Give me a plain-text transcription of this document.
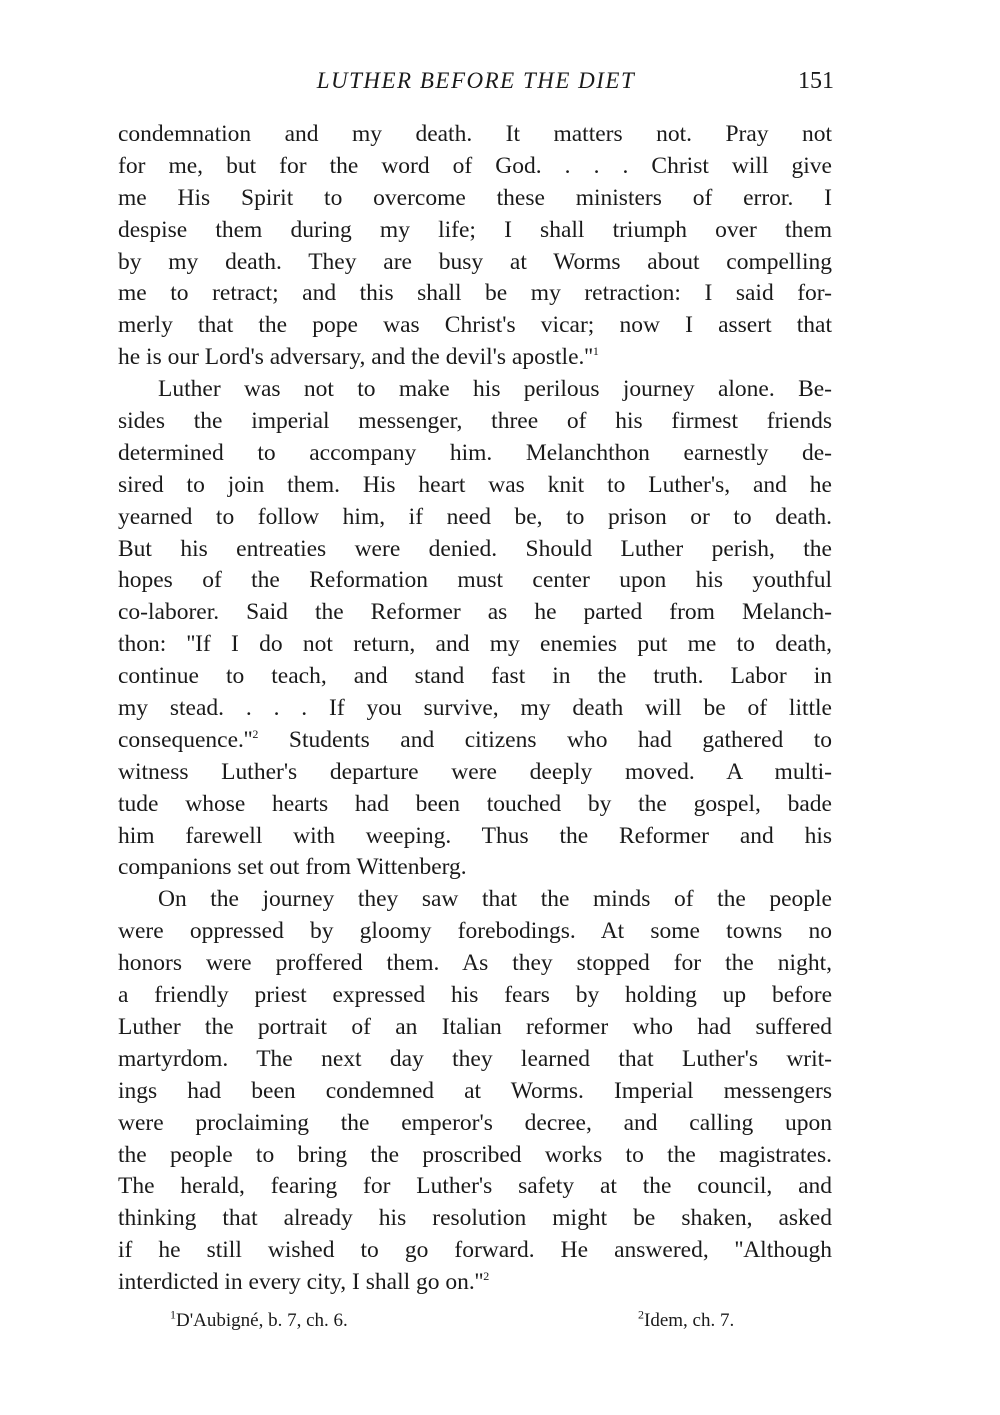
LUTHER BEFORE THE DIET	151
condemnation and my death. It matters not. Pray not
for me, but for the word of God. . . . Christ will give
me His Spirit to overcome these ministers of error. I
despise them during my life; I shall triumph over them
by my death. They are busy at Worms about compelling
me to retract; and this shall be my retraction: I said for-
merly that the pope was Christ's vicar; now I assert that
he is our Lord's adversary, and the devil's $apostle.''^1$
Luther was not to make his perilous journey alone. Be-
sides the imperial messenger, three of his firmest friends
determined to accompany him. Melanchthon earnestly de-
sired to join them. His heart was knit to Luther's, and he
yearned to follow him, if need be, to prison or to death.
But his entreaties were denied. Should Luther perish, the
hopes of the Reformation must center upon his youthful
co-laborer. Said the Reformer as he parted from Melanch-
thon: ''If I do not return, and my enemies put me to death,
continue to teach, and stand fast in the truth. Labor in
my stead. . . . If you survive, my death will be of little
$consequence.''^2$ Students and citizens who had gathered to
witness Luther's departure were deeply moved. A multi-
tude whose hearts had been touched by the gospel, bade
him farewell with weeping. Thus the Reformer and his
companions set out from Wittenberg.
On the journey they saw that the minds of the people
were oppressed by gloomy forebodings. At some towns no
honors were proffered them. As they stopped for the night,
a friendly priest expressed his fears by holding up before
Luther the portrait of an Italian reformer who had suffered
martyrdom. The next day they learned that Luther's writ-
ings had been condemned at Worms. Imperial messengers
were proclaiming the emperor's decree, and calling upon
the people to bring the proscribed works to the magistrates.
The herald, fearing for Luther's safety at the council, and
thinking that already his resolution might be shaken, asked
if he still wished to go forward. He answered, ''Although
interdicted in every city, I shall go $on.''^2$
$^1$D'Aubigné, b. 7, ch. 6.	$^2$Idem, ch. 7.
